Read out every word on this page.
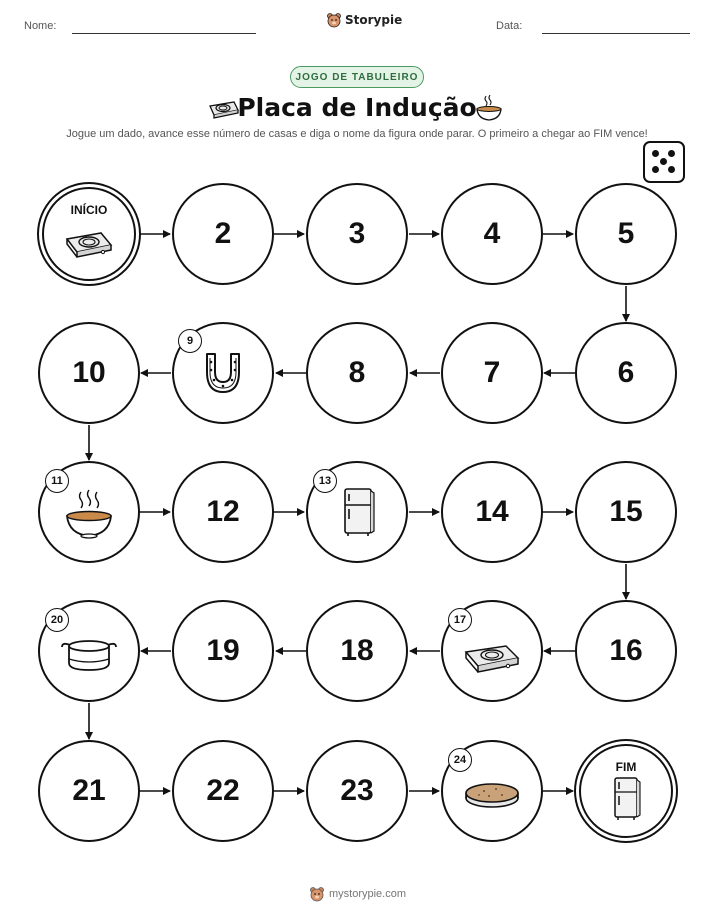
Nome:	Storypie	Data:
JOGO DE TABULEIRO
Placa de Indução
Jogue um dado, avance esse número de casas e diga o nome da figura onde parar. O primeiro a chegar ao FIM vence!
INÍCIO
2	3	4	5
10
9
8	7	6
11
12
13
14	15
20
19	18
17
16
21	22	23
24	FIM
mystorypie.com
